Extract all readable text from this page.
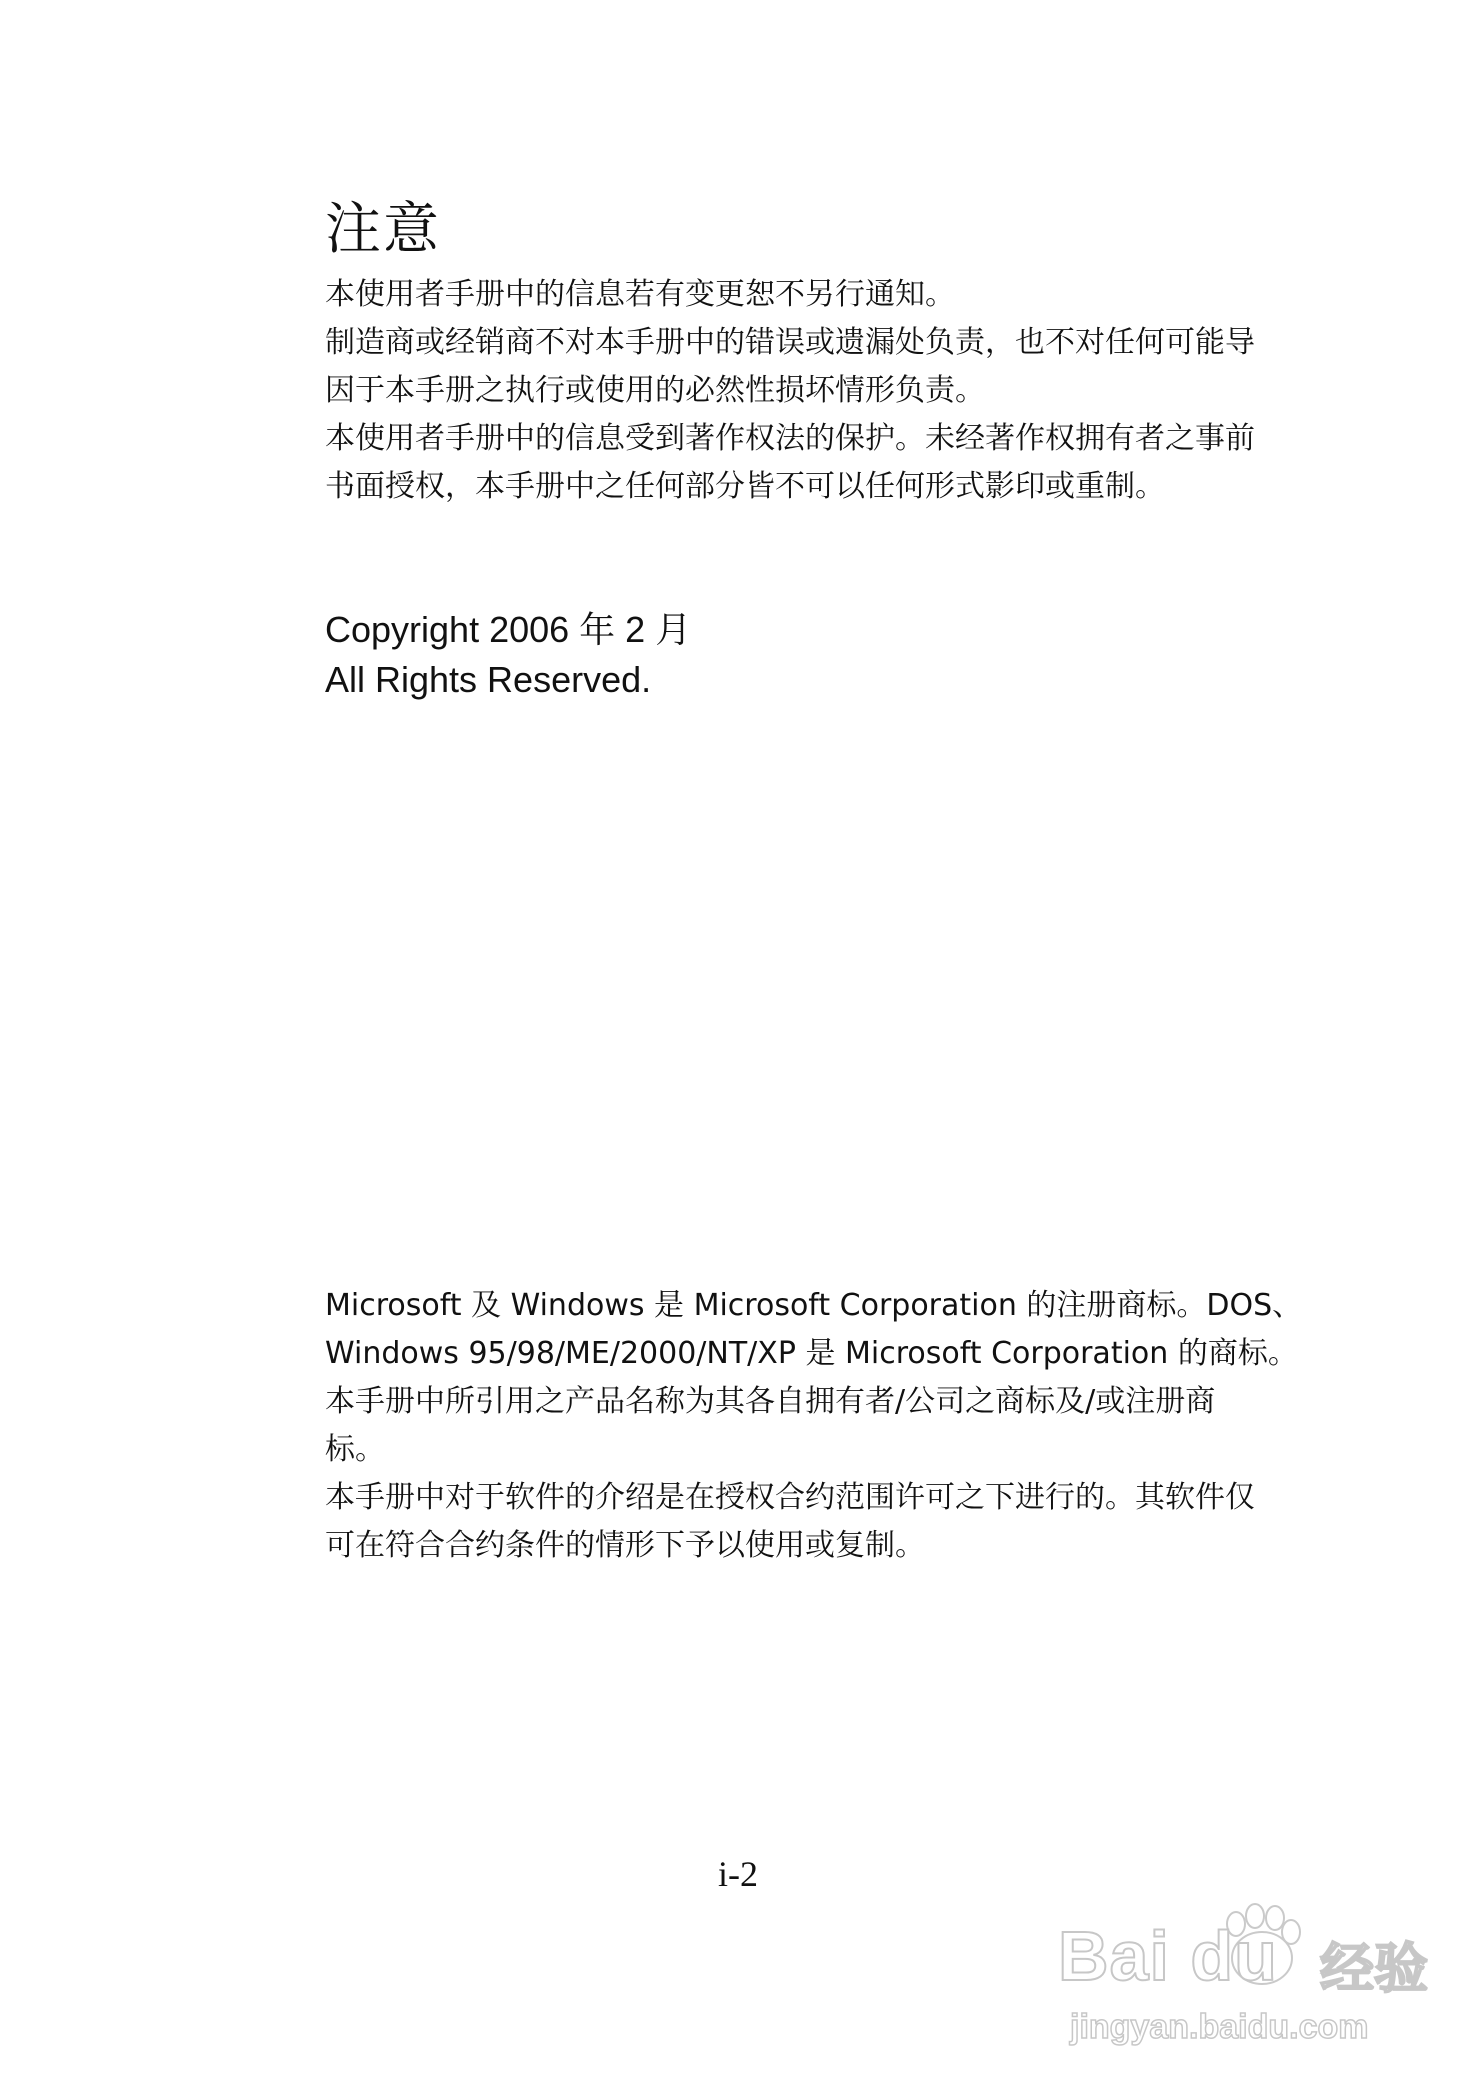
注意

本使用者手册中的信息若有变更恕不另行通知。

制造商或经销商不对本手册中的错误或遗漏处负责，也不对任何可能导

因于本手册之执行或使用的必然性损坏情形负责。

本使用者手册中的信息受到著作权法的保护。未经著作权拥有者之事前

书面授权，本手册中之任何部分皆不可以任何形式影印或重制。

Copyright 2006 年 2 月

All Rights Reserved.

Microsoft 及 Windows 是 Microsoft Corporation 的注册商标。DOS、

Windows 95/98/ME/2000/NT/XP 是 Microsoft Corporation 的商标。

本手册中所引用之产品名称为其各自拥有者/公司之商标及/或注册商

标。

本手册中对于软件的介绍是在授权合约范围许可之下进行的。其软件仅

可在符合合约条件的情形下予以使用或复制。

i-2
Bai du 经验
jingyan.baidu.com
